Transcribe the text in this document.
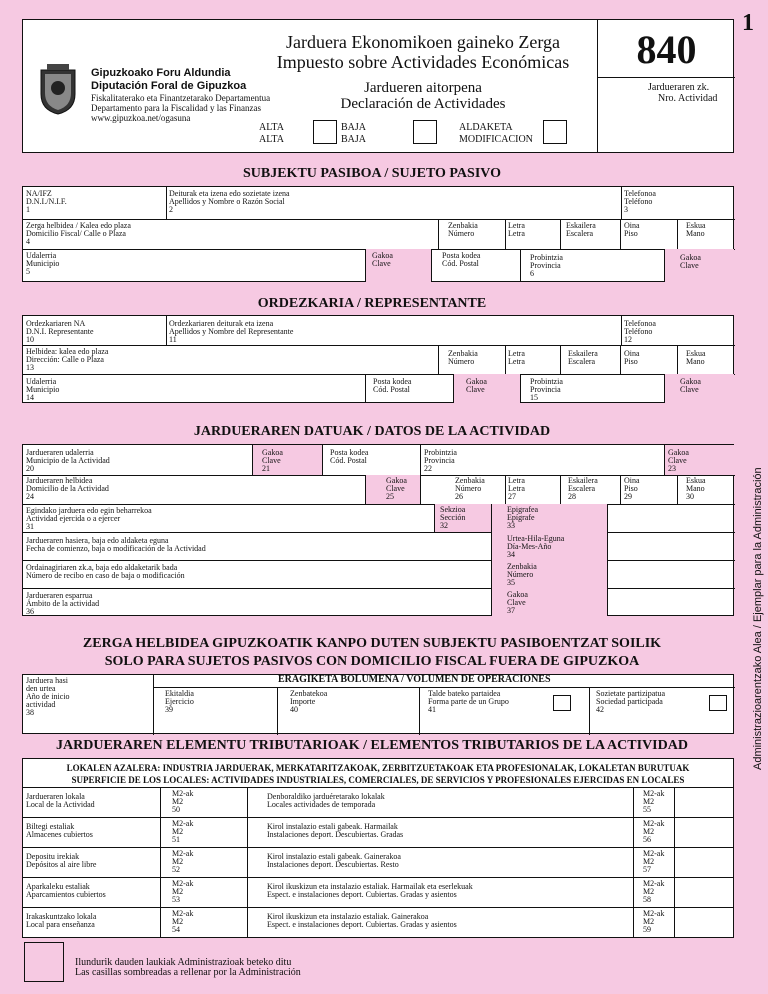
1
Gipuzkoako Foru Aldundia
Diputación Foral de Gipuzkoa
Fiskalitaterako eta Finantzetarako Departamentua
Departamento para la Fiscalidad y las Finanzas
www.gipuzkoa.net/ogasuna
Jarduera Ekonomikoen gaineko Zerga
Impuesto sobre Actividades Económicas
Jardueren aitorpena
Declaración de Actividades
840
Jardueraren zk.
Nro. Actividad
ALTA
ALTA
BAJA
BAJA
ALDAKETA
MODIFICACION
Administrazioarentzako Alea / Ejemplar para la Administración
SUBJEKTU PASIBOA / SUJETO PASIVO
NA/IFZ
D.N.I./N.I.F.
1
Deiturak eta izena edo sozietate izena
Apellidos y Nombre o Razón Social
2
Telefonoa
Teléfono
3
Zerga helbidea / Kalea edo plaza
Domicilio Fiscal/ Calle o Plaza
4
Zenbakia
Número
Letra
Letra
Eskailera
Escalera
Oina
Piso
Eskua
Mano
Udalerria
Municipio
5
Gakoa
Clave
Posta kodea
Cód. Postal
Probintzia
Provincia
6
Gakoa
Clave
ORDEZKARIA / REPRESENTANTE
Ordezkariaren NA
D.N.I. Representante
10
Ordezkariaren deiturak eta izena
Apellidos y Nombre del Representante
11
Telefonoa
Teléfono
12
Helbidea: kalea edo plaza
Dirección: Calle o Plaza
13
Zenbakia
Número
Letra
Letra
Eskailera
Escalera
Oina
Piso
Eskua
Mano
Udalerria
Municipio
14
Posta kodea
Cód. Postal
Gakoa
Clave
Probintzia
Provincia
15
Gakoa
Clave
JARDUERAREN DATUAK / DATOS DE LA ACTIVIDAD
Jardueraren udalerria
Municipio de la Actividad
20
Gakoa
Clave
21
Posta kodea
Cód. Postal
Probintzia
Provincia
22
Gakoa
Clave
23
Jardueraren helbidea
Domicilio de la Actividad
24
Gakoa
Clave
25
Zenbakia
Número
26
Letra
Letra
27
Eskailera
Escalera
28
Oina
Piso
29
Eskua
Mano
30
Egindako jarduera edo egin beharrekoa
Actividad ejercida o a ejercer
31
Sekzioa
Sección
32
Epigrafea
Epígrafe
33
Jardueraren hasiera, baja edo aldaketa eguna
Fecha de comienzo, baja o modificación de la Actividad
Urtea-Hila-Eguna
Día-Mes-Año
34
Ordainagiriaren zk.a, baja edo aldaketarik bada
Número de recibo en caso de baja o modificación
Zenbakia
Número
35
Jardueraren esparrua
Ámbito de la actividad
36
Gakoa
Clave
37
ZERGA HELBIDEA GIPUZKOATIK KANPO DUTEN SUBJEKTU PASIBOENTZAT SOILIK
SOLO PARA SUJETOS PASIVOS CON DOMICILIO FISCAL FUERA DE GIPUZKOA
Jarduera hasi
den urtea
Año de inicio
actividad
38
ERAGIKETA BOLUMENA / VOLUMEN DE OPERACIONES
Ekitaldia
Ejercicio
39
Zenbatekoa
Importe
40
Talde bateko partaidea
Forma parte de un Grupo
41
Sozietate partizipatua
Sociedad participada
42
JARDUERAREN ELEMENTU TRIBUTARIOAK / ELEMENTOS TRIBUTARIOS DE LA ACTIVIDAD
LOKALEN AZALERA: INDUSTRIA JARDUERAK, MERKATARITZAKOAK, ZERBITZUETAKOAK ETA PROFESIONALAK, LOKALETAN BURUTUAK
SUPERFICIE DE LOS LOCALES: ACTIVIDADES INDUSTRIALES, COMERCIALES, DE SERVICIOS Y PROFESIONALES EJERCIDAS EN LOCALES
Jardueraren lokala
Local de la Actividad
M2-ak
M2
50
Denboraldiko jarduéretarako lokalak
Locales actividades de temporada
M2-ak
M2
55
Biltegi estaliak
Almacenes cubiertos
M2-ak
M2
51
Kirol instalazio estali gabeak. Harmailak
Instalaciones deport. Descubiertas. Gradas
M2-ak
M2
56
Depositu irekiak
Depósitos al aire libre
M2-ak
M2
52
Kirol instalazio estali gabeak. Gainerakoa
Instalaciones deport. Descubiertas. Resto
M2-ak
M2
57
Aparkaleku estaliak
Aparcamientos cubiertos
M2-ak
M2
53
Kirol ikuskizun eta instalazio estaliak. Harmailak eta eserlekuak
Espect. e instalaciones deport. Cubiertas. Gradas y asientos
M2-ak
M2
58
Irakaskuntzako lokala
Local para enseñanza
M2-ak
M2
54
Kirol ikuskizun eta instalazio estaliak. Gainerakoa
Espect. e instalaciones deport. Cubiertas. Gradas y asientos
M2-ak
M2
59
Ilundurik dauden laukiak Administrazioak beteko ditu
Las casillas sombreadas a rellenar por la Administración
